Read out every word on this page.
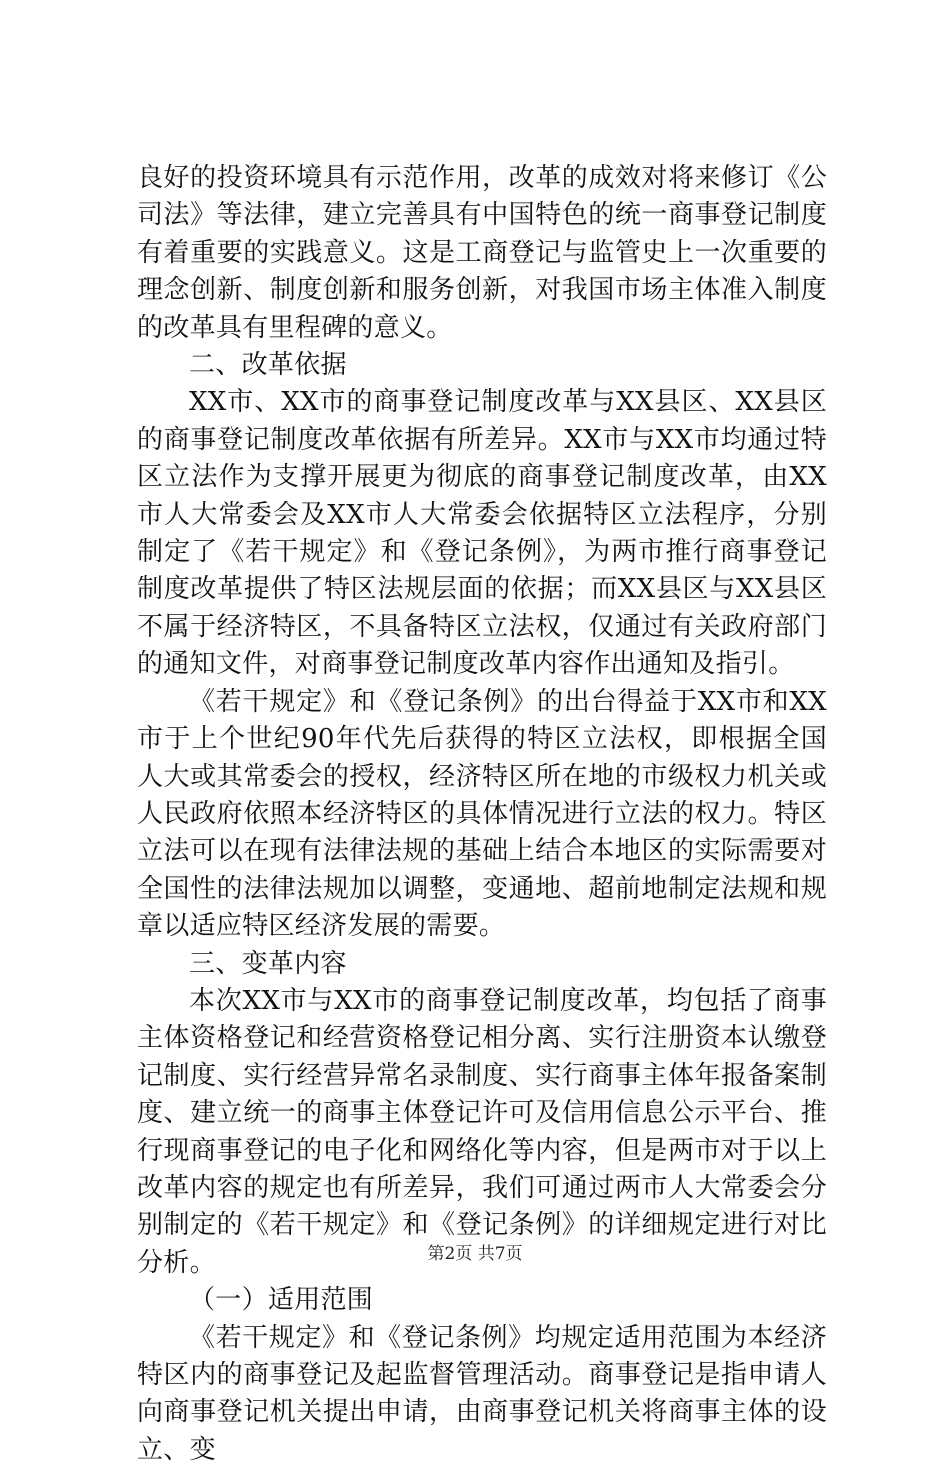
良好的投资环境具有示范作用，改革的成效对将来修订《公司法》等法律，建立完善具有中国特色的统一商事登记制度有着重要的实践意义。这是工商登记与监管史上一次重要的理念创新、制度创新和服务创新，对我国市场主体准入制度的改革具有里程碑的意义。

二、改革依据

XX市、XX市的商事登记制度改革与XX县区、XX县区的商事登记制度改革依据有所差异。XX市与XX市均通过特区立法作为支撑开展更为彻底的商事登记制度改革，由XX市人大常委会及XX市人大常委会依据特区立法程序，分别制定了《若干规定》和《登记条例》，为两市推行商事登记制度改革提供了特区法规层面的依据；而XX县区与XX县区不属于经济特区，不具备特区立法权，仅通过有关政府部门的通知文件，对商事登记制度改革内容作出通知及指引。

《若干规定》和《登记条例》的出台得益于XX市和XX市于上个世纪90年代先后获得的特区立法权，即根据全国人大或其常委会的授权，经济特区所在地的市级权力机关或人民政府依照本经济特区的具体情况进行立法的权力。特区立法可以在现有法律法规的基础上结合本地区的实际需要对全国性的法律法规加以调整，变通地、超前地制定法规和规章以适应特区经济发展的需要。

三、变革内容

本次XX市与XX市的商事登记制度改革，均包括了商事主体资格登记和经营资格登记相分离、实行注册资本认缴登记制度、实行经营异常名录制度、实行商事主体年报备案制度、建立统一的商事主体登记许可及信用信息公示平台、推行现商事登记的电子化和网络化等内容，但是两市对于以上改革内容的规定也有所差异，我们可通过两市人大常委会分别制定的《若干规定》和《登记条例》的详细规定进行对比分析。

（一）适用范围

《若干规定》和《登记条例》均规定适用范围为本经济特区内的商事登记及起监督管理活动。商事登记是指申请人向商事登记机关提出申请，由商事登记机关将商事主体的设立、变

第2页 共7页
